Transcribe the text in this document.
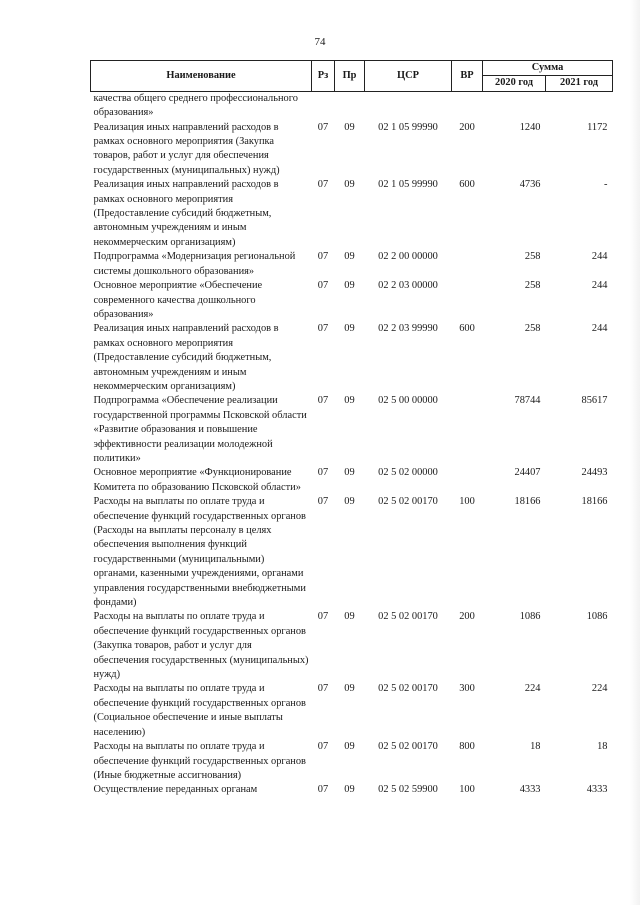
74
Наименование	Рз	Пр	ЦСР	ВР	Сумма	
					2020 год	2021 год
качества общего среднего профессионального образования»						
Реализация иных направлений расходов в рамках основного мероприятия (Закупка товаров, работ и услуг для обеспечения государственных (муниципальных) нужд)	07	09	02 1 05 99990	200	1240	1172
Реализация иных направлений расходов в рамках основного мероприятия (Предоставление субсидий бюджетным, автономным учреждениям и иным некоммерческим организациям)	07	09	02 1 05 99990	600	4736	-
Подпрограмма «Модернизация региональной системы дошкольного образования»	07	09	02 2 00 00000		258	244
Основное мероприятие «Обеспечение современного качества дошкольного образования»	07	09	02 2 03 00000		258	244
Реализация иных направлений расходов в рамках основного мероприятия (Предоставление субсидий бюджетным, автономным учреждениям и иным некоммерческим организациям)	07	09	02 2 03 99990	600	258	244
Подпрограмма «Обеспечение реализации государственной программы Псковской области «Развитие образования и повышение эффективности реализации молодежной политики»	07	09	02 5 00 00000		78744	85617
Основное мероприятие «Функционирование Комитета по образованию Псковской области»	07	09	02 5 02 00000		24407	24493
Расходы на выплаты по оплате труда и обеспечение функций государственных органов (Расходы на выплаты персоналу в целях обеспечения выполнения функций государственными (муниципальными) органами, казенными учреждениями, органами управления государственными внебюджетными фондами)	07	09	02 5 02 00170	100	18166	18166
Расходы на выплаты по оплате труда и обеспечение функций государственных органов (Закупка товаров, работ и услуг для обеспечения государственных (муниципальных) нужд)	07	09	02 5 02 00170	200	1086	1086
Расходы на выплаты по оплате труда и обеспечение функций государственных органов (Социальное обеспечение и иные выплаты населению)	07	09	02 5 02 00170	300	224	224
Расходы на выплаты по оплате труда и обеспечение функций государственных органов (Иные бюджетные ассигнования)	07	09	02 5 02 00170	800	18	18
Осуществление переданных органам	07	09	02 5 02 59900	100	4333	4333
